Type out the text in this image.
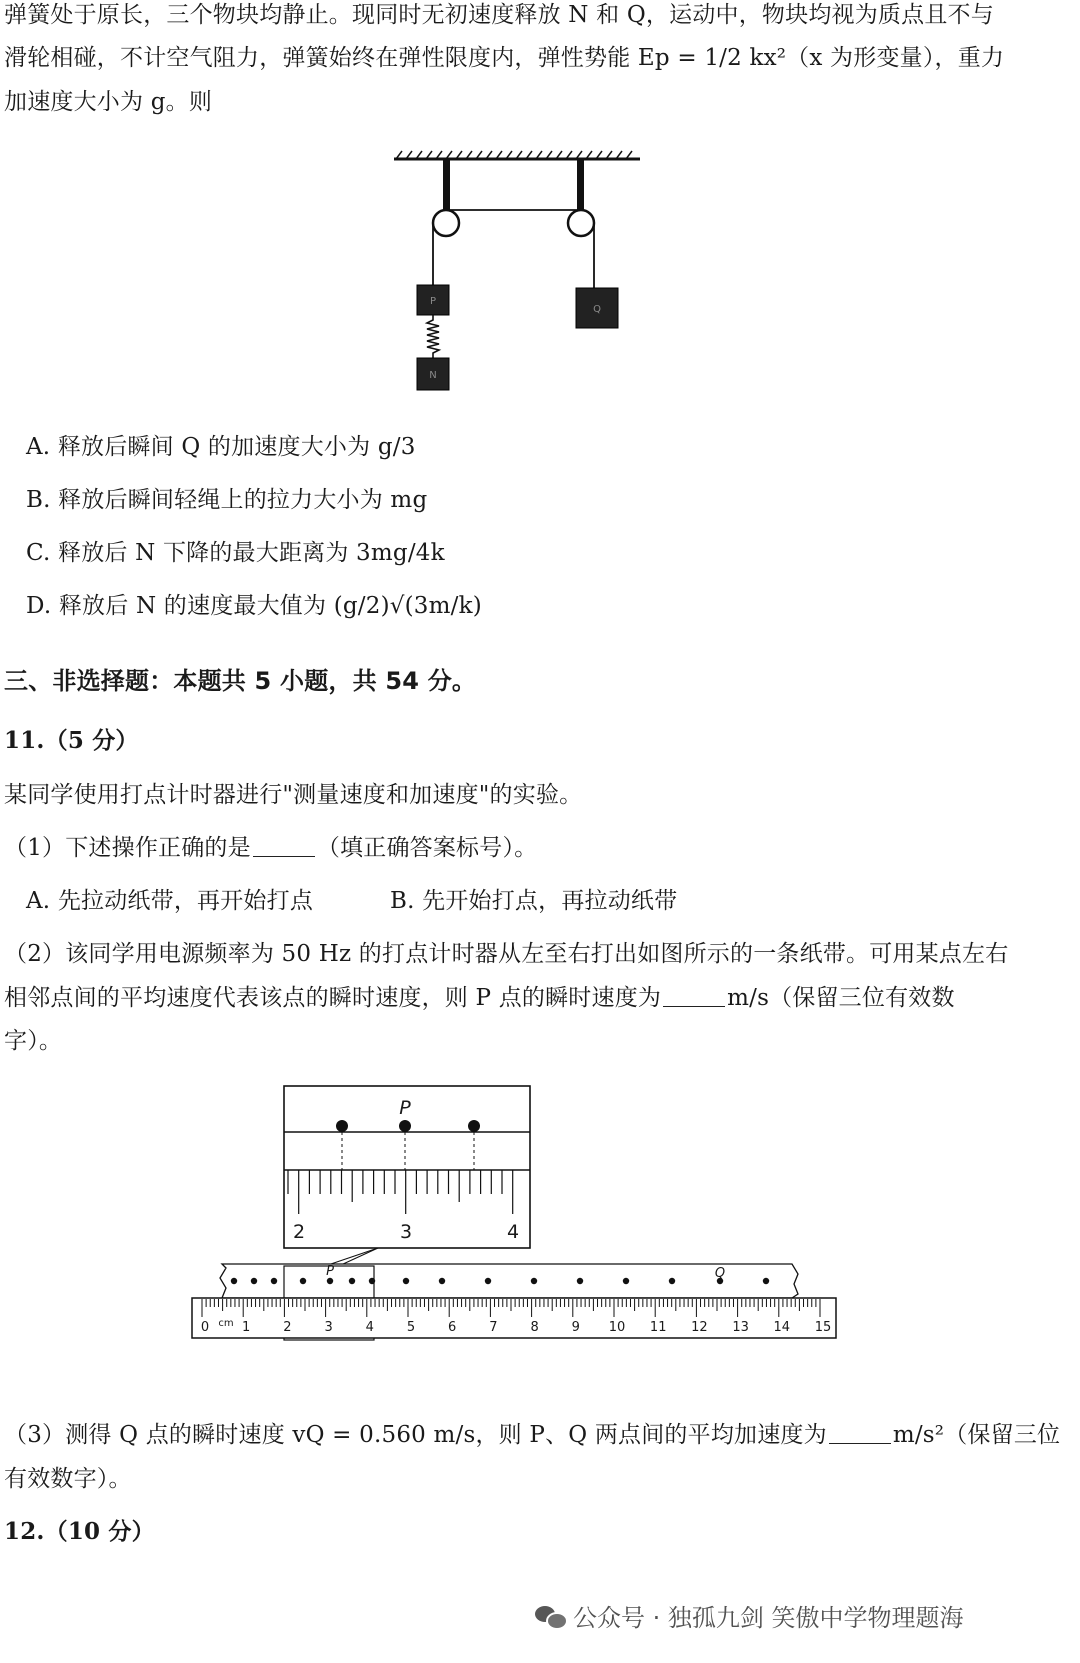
弹簧处于原长，三个物块均静止。现同时无初速度释放 N 和 Q，运动中，物块均视为质点且不与
滑轮相碰，不计空气阻力，弹簧始终在弹性限度内，弹性势能 Ep = 1/2 kx²（x 为形变量），重力
加速度大小为 g。则
P
N
Q
A. 释放后瞬间 Q 的加速度大小为 g/3
B. 释放后瞬间轻绳上的拉力大小为 mg
C. 释放后 N 下降的最大距离为 3mg/4k
D. 释放后 N 的速度最大值为 (g/2)√(3m/k)
三、非选择题：本题共 5 小题，共 54 分。
11.（5 分）
某同学使用打点计时器进行"测量速度和加速度"的实验。
（1）下述操作正确的是	（填正确答案标号）。
A. 先拉动纸带，再开始打点	B. 先开始打点，再拉动纸带
（2）该同学用电源频率为 50 Hz 的打点计时器从左至右打出如图所示的一条纸带。可用某点左右
相邻点间的平均速度代表该点的瞬时速度，则 P 点的瞬时速度为	m/s（保留三位有效数
字）。
P
2	3	4
P	Q
cm
0	1	2	3	4	5	6	7	8	9 10 11 12 13 14 15
（3）测得 Q 点的瞬时速度 vQ = 0.560 m/s，则 P、Q 两点间的平均加速度为	m/s²（保留三位
有效数字）。
12.（10 分）
公众号 · 独孤九剑 笑傲中学物理题海
